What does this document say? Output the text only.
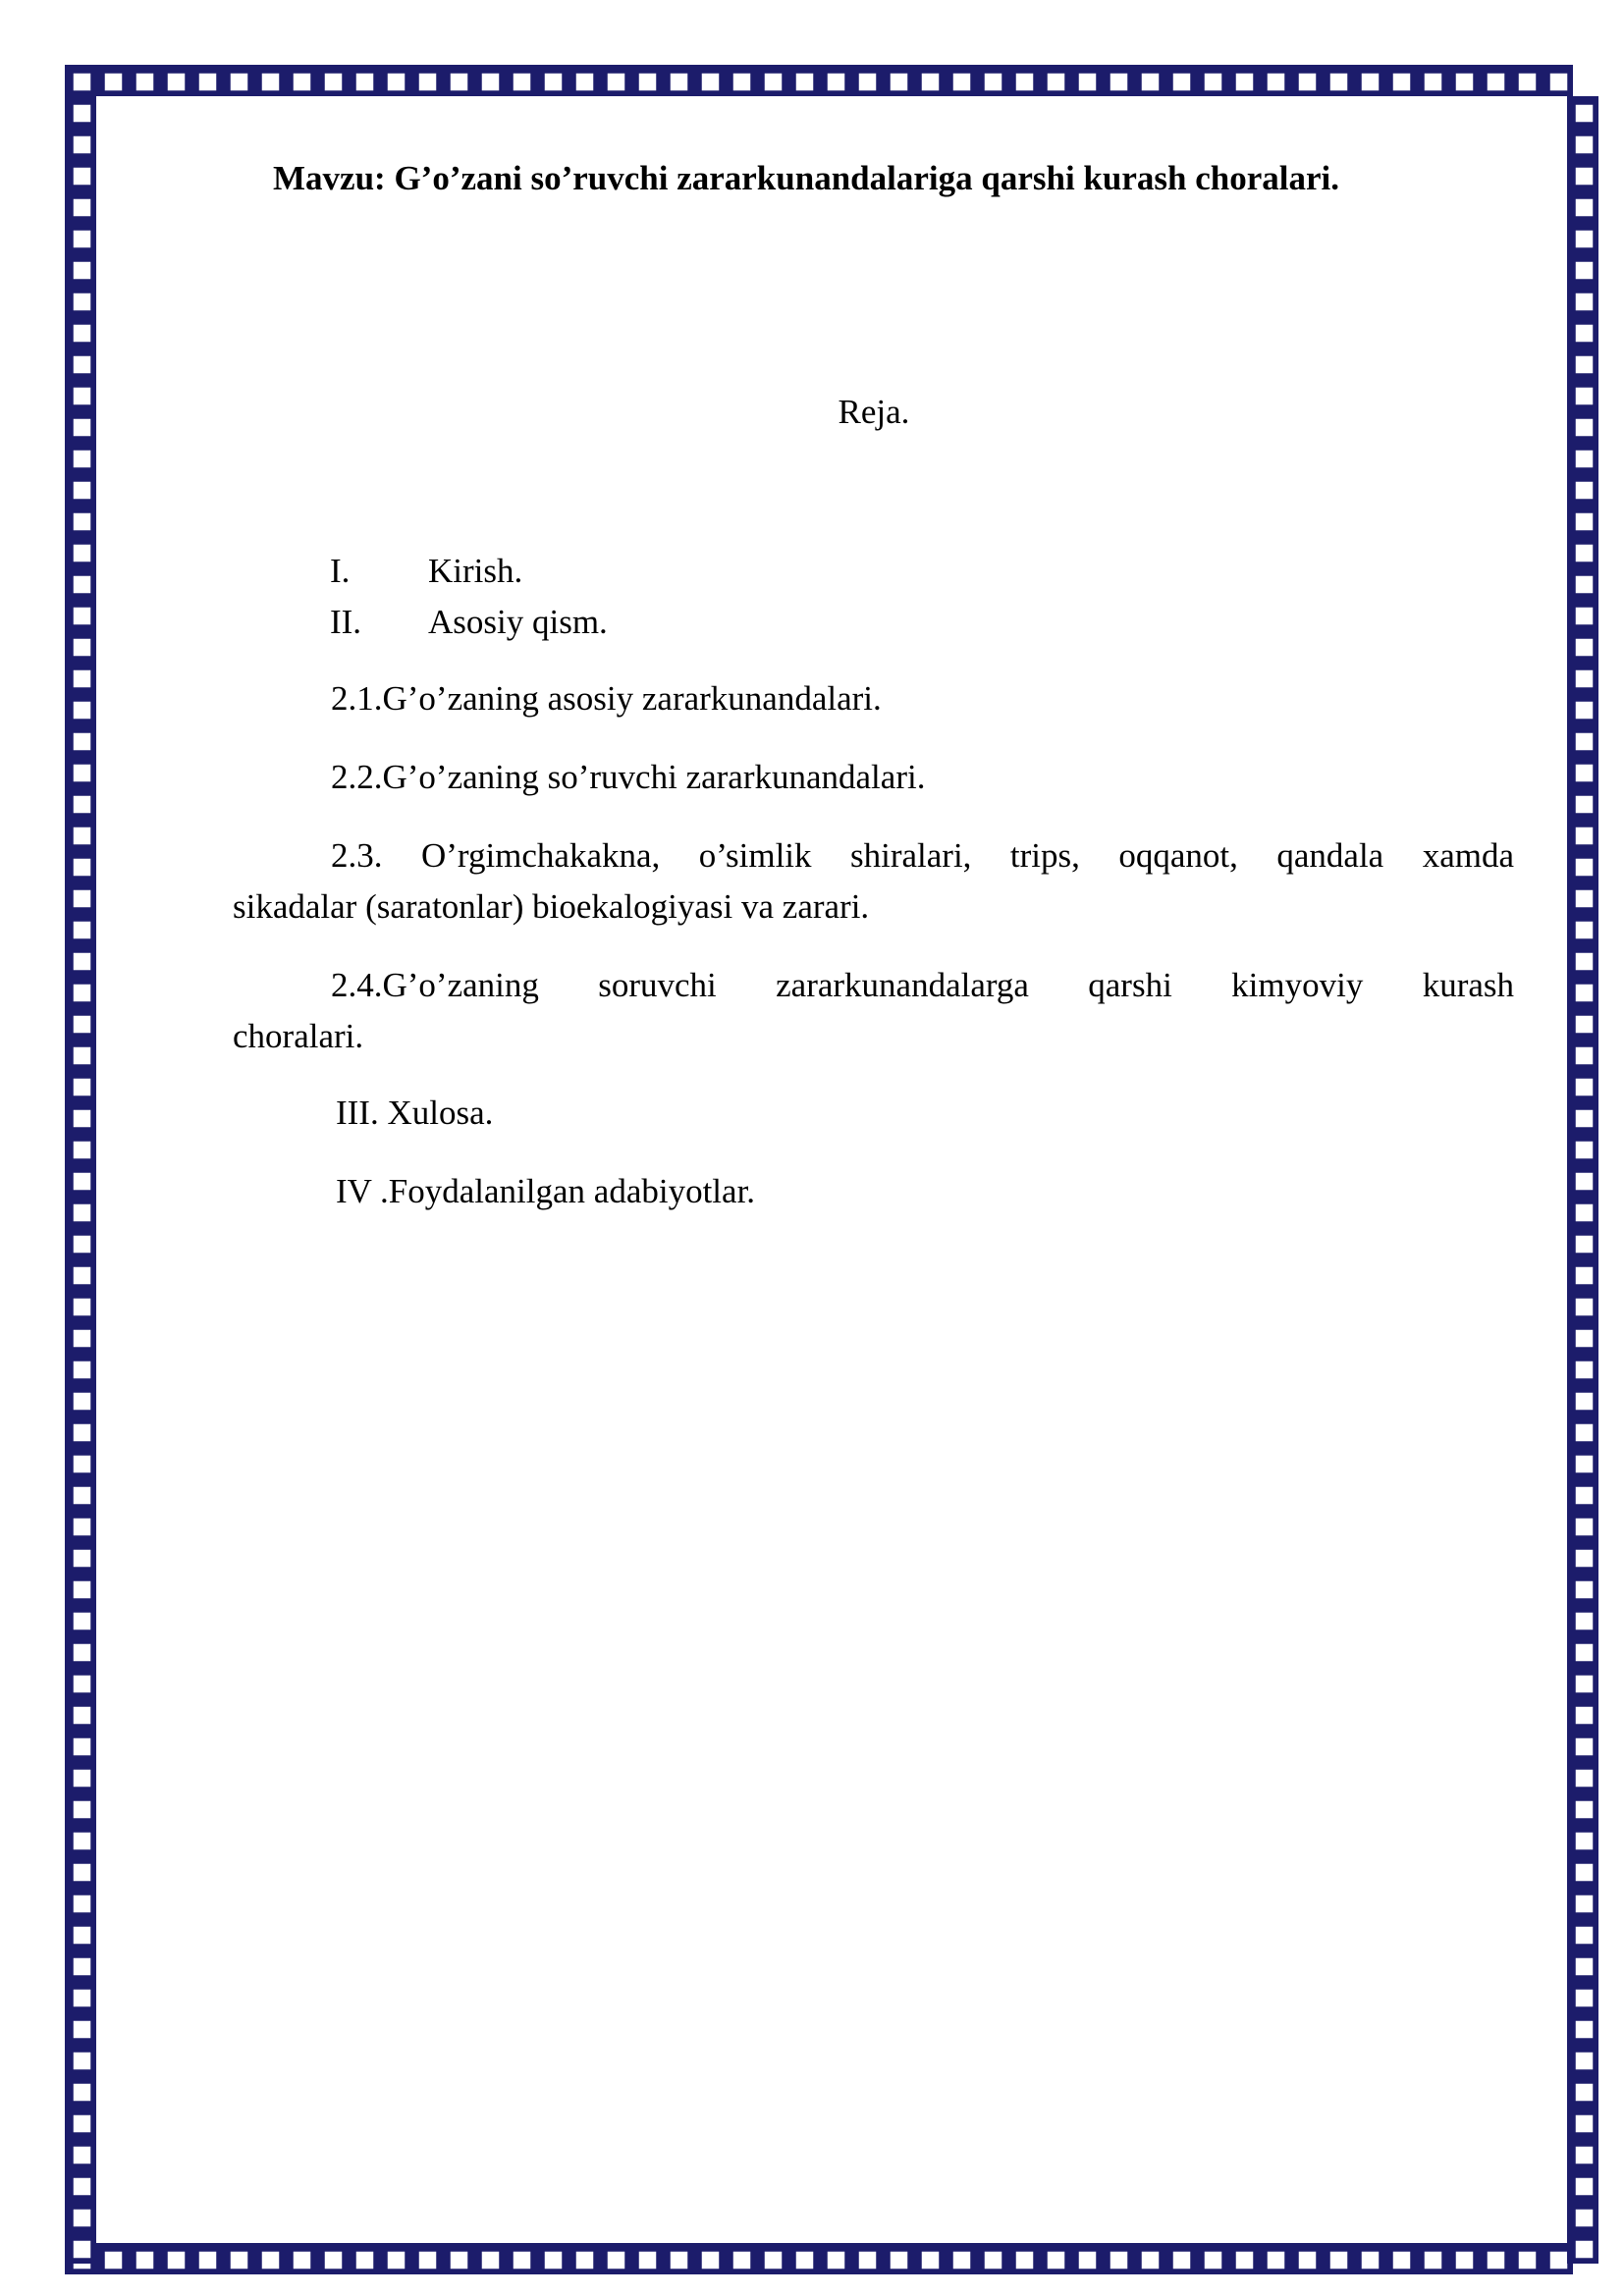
Mavzu: G’o’zani so’ruvchi zararkunandalariga qarshi kurash choralari.
Reja.
I. Kirish.
II. Asosiy qism.
2.1.G’o’zaning asosiy zararkunandalari.
2.2.G’o’zaning so’ruvchi zararkunandalari.
2.3. O’rgimchakakna, o’simlik shiralari, trips, oqqanot, qandala xamda
sikadalar (saratonlar) bioekalogiyasi va zarari.
2.4.G’o’zaning soruvchi zararkunandalarga qarshi kimyoviy kurash
choralari.
III. Xulosa.
IV .Foydalanilgan adabiyotlar.
